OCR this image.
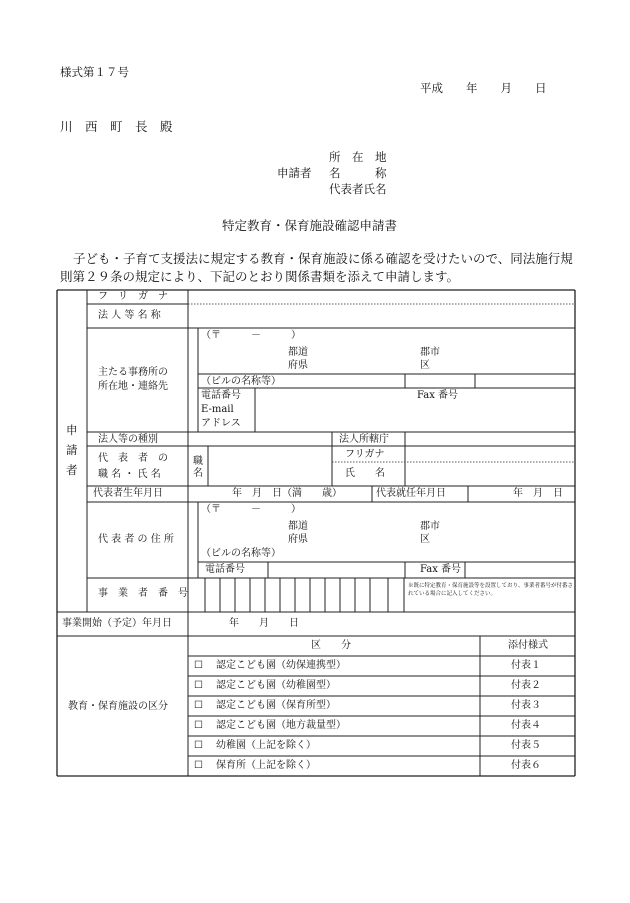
様式第１７号
平成　　年　　月　　日
川　西　町　長　殿
所　在　地
申請者 名　　　称
代表者氏名
特定教育・保育施設確認申請書
子ども・子育て支援法に規定する教育・保育施設に係る確認を受けたいので、同法施行規則第２９条の規定により、下記のとおり関係書類を添えて申請します。
申
請
者
フ　リ　ガ　ナ
法 人 等 名 称
主たる事務所の
所在地・連絡先
（〒　　　－　　　）
都道
府県
郡市
区
（ビルの名称等）
電話番号	Fax 番号
E-mail
アドレス
法人等の種別	法人所轄庁
代　表　者　の
職 名 ・ 氏 名
職
名
フリガナ
氏　　名
代表者生年月日	年　月　日（満　　歳）	代表就任年月日	年　月　日
代 表 者 の 住 所
（〒　　　－　　　）
都道
府県
郡市
区
（ビルの名称等）
電話番号	Fax 番号
事　業　者　番　号
※既に特定教育・保育施設等を設置しており、事業者番号が付番されている場合に記入してください。
事業開始（予定）年月日	年　　月　　日
教育・保育施設の区分
区　　分	添付様式
☐ 認定こども園（幼保連携型）	付表１
☐ 認定こども園（幼稚園型）	付表２
☐ 認定こども園（保育所型）	付表３
☐ 認定こども園（地方裁量型）	付表４
☐ 幼稚園（上記を除く）	付表５
☐ 保育所（上記を除く）	付表６
